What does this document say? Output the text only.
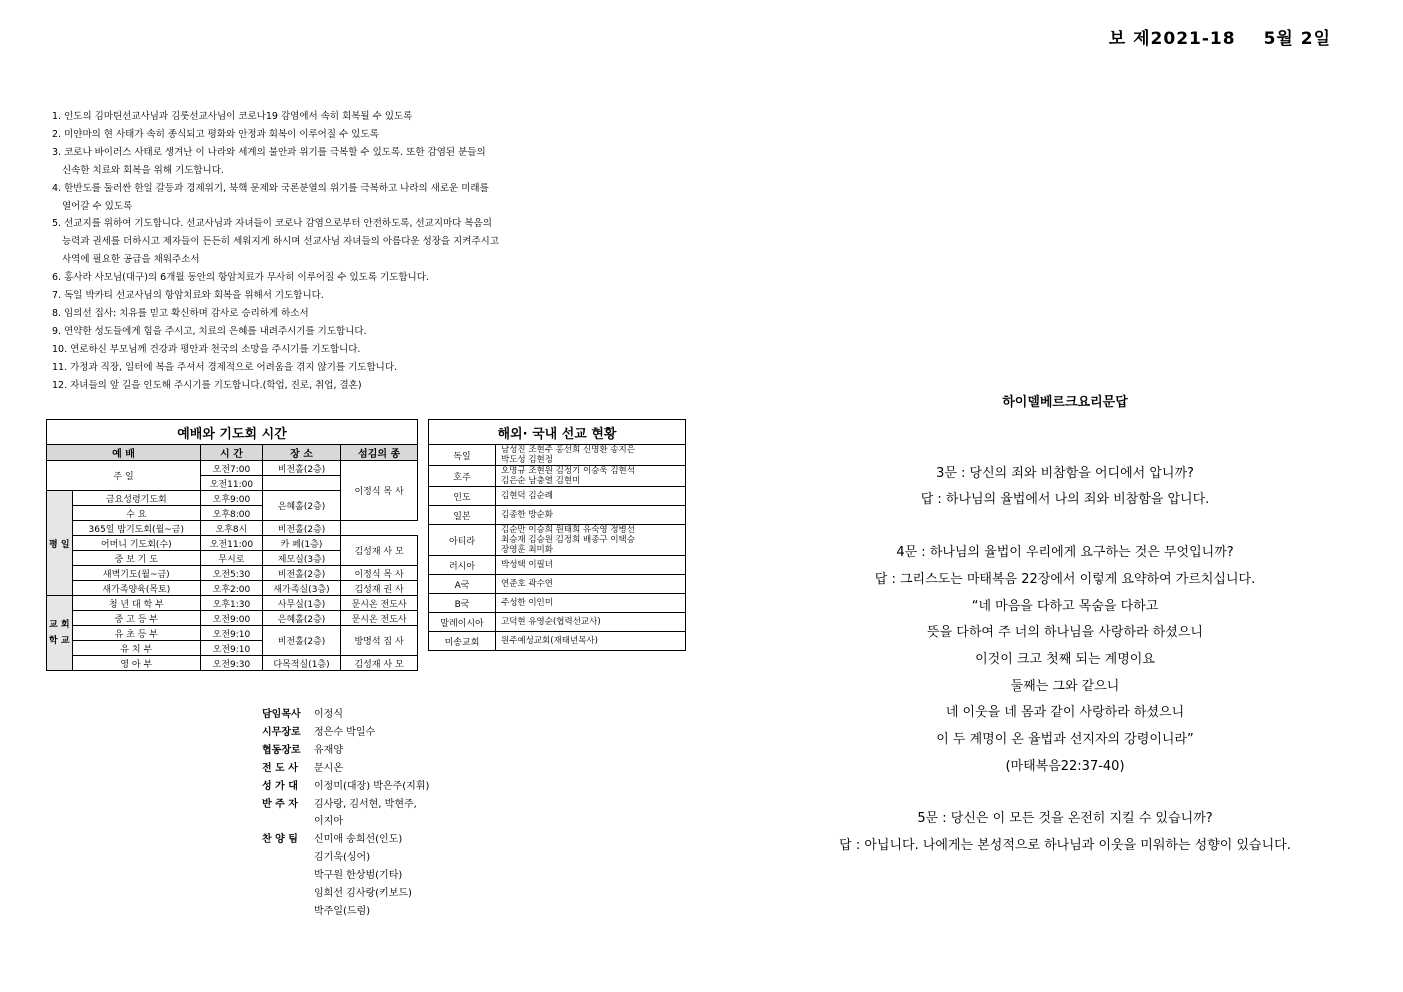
보 제2021-18 5월 2일
1. 인도의 김마틴선교사님과 김룻선교사님이 코로나19 감염에서 속히 회복될 수 있도록
2. 미얀마의 현 사태가 속히 종식되고 평화와 안정과 회복이 이루어질 수 있도록
3. 코로나 바이러스 사태로 생겨난 이 나라와 세계의 불안과 위기를 극복할 수 있도록. 또한 감염된 분들의
신속한 치료와 회복을 위해 기도합니다.
4. 한반도를 둘러싼 한일 갈등과 경제위기, 북핵 문제와 국론분열의 위기를 극복하고 나라의 새로운 미래를
열어갈 수 있도록
5. 선교지를 위하여 기도합니다. 선교사님과 자녀들이 코로나 감염으로부터 안전하도록, 선교지마다 복음의
능력과 권세를 더하시고 제자들이 든든히 세워지게 하시며 선교사님 자녀들의 아름다운 성장을 지켜주시고
사역에 필요한 공급을 채워주소서
6. 홍사라 사모님(대구)의 6개월 동안의 항암치료가 무사히 이루어질 수 있도록 기도합니다.
7. 독일 박카티 선교사님의 항암치료와 회복을 위해서 기도합니다.
8. 임의선 집사: 치유를 믿고 확신하며 감사로 승리하게 하소서
9. 연약한 성도들에게 힘을 주시고, 치료의 은혜를 내려주시기를 기도합니다.
10. 연로하신 부모님께 건강과 평안과 천국의 소망을 주시기를 기도합니다.
11. 가정과 직장, 일터에 복을 주셔서 경제적으로 어려움을 겪지 않기를 기도합니다.
12. 자녀들의 앞 길을 인도해 주시기를 기도합니다.(학업, 진로, 취업, 결혼)
예배와 기도회 시간				
예 배		시 간	장 소	섬김의 종
주 일		오전7:00	비전홀(2층)	이정식 목 사
		오전11:00		
평 일	금요성령기도회	오후9:00	은혜홀(2층)	
	수 요	오후8:00		
	365일 밤기도회(월~금)	오후8시	비전홀(2층)	
	어머니 기도회(수)	오전11:00	카 페(1층)	김성재 사 모
	중 보 기 도	무시로	제모실(3층)	
	새벽기도(월~금)	오전5:30	비전홀(2층)	이정식 목 사
	새가족양육(목토)	오후2:00	새가족실(3층)	김성재 권 사
교 회 학 교	청 년 대 학 부	오후1:30	사무실(1층)	문시온 전도사
	중 고 등 부	오전9:00	은혜홀(2층)	문시온 전도사
	유 초 등 부	오전9:10	비전홀(2층)	방명석 집 사
	유 치 부	오전9:10		
	영 아 부	오전9:30	다목적실(1층)	김성재 사 모
해외· 국내 선교 현황	
독일	남성진 조현주 홍선희 신명환 송지은
박도성 김현정

호주	오명규 조현원 김정기 이승욱 김현석
김은순 남충열 김현미

인도	김현덕 김순례
일본	김종한 방순화
아티라	김순만 이승희 원태희 유숙영 정병선
최승재 김승원 김정희 배종구 이택승
장영훈 최미화

러시아	박성택 이필녀
A국	연준호 곽수연
B국	주성한 이인미
말레이시아	고덕현 유영순(협력선교사)
미송교회	원주예성교회(재태년목사)
담임목사	이정식
시무장로	정은수 박일수
협동장로	유재양
전 도 사	문시온
성 가 대	이정미(대장) 박은주(지휘)
반 주 자	김사랑, 김서현, 박현주,
이지아
찬 양 팀	신미애 송희선(인도)
김기욱(싱어)
박구원 한상범(기타)
임희선 김사랑(키보드)
박주일(드럼)
하이델베르크요리문답
3문 : 당신의 죄와 비참함을 어디에서 압니까?
답 : 하나님의 율법에서 나의 죄와 비참함을 압니다.
4문 : 하나님의 율법이 우리에게 요구하는 것은 무엇입니까?
답 : 그리스도는 마태복음 22장에서 이렇게 요약하여 가르치십니다.
“네 마음을 다하고 목숨을 다하고
뜻을 다하여 주 너의 하나님을 사랑하라 하셨으니
이것이 크고 첫째 되는 계명이요
둘째는 그와 같으니
네 이웃을 네 몸과 같이 사랑하라 하셨으니
이 두 계명이 온 율법과 선지자의 강령이니라”
(마태복음22:37-40)
5문 : 당신은 이 모든 것을 온전히 지킬 수 있습니까?
답 : 아닙니다. 나에게는 본성적으로 하나님과 이웃을 미워하는 성향이 있습니다.
